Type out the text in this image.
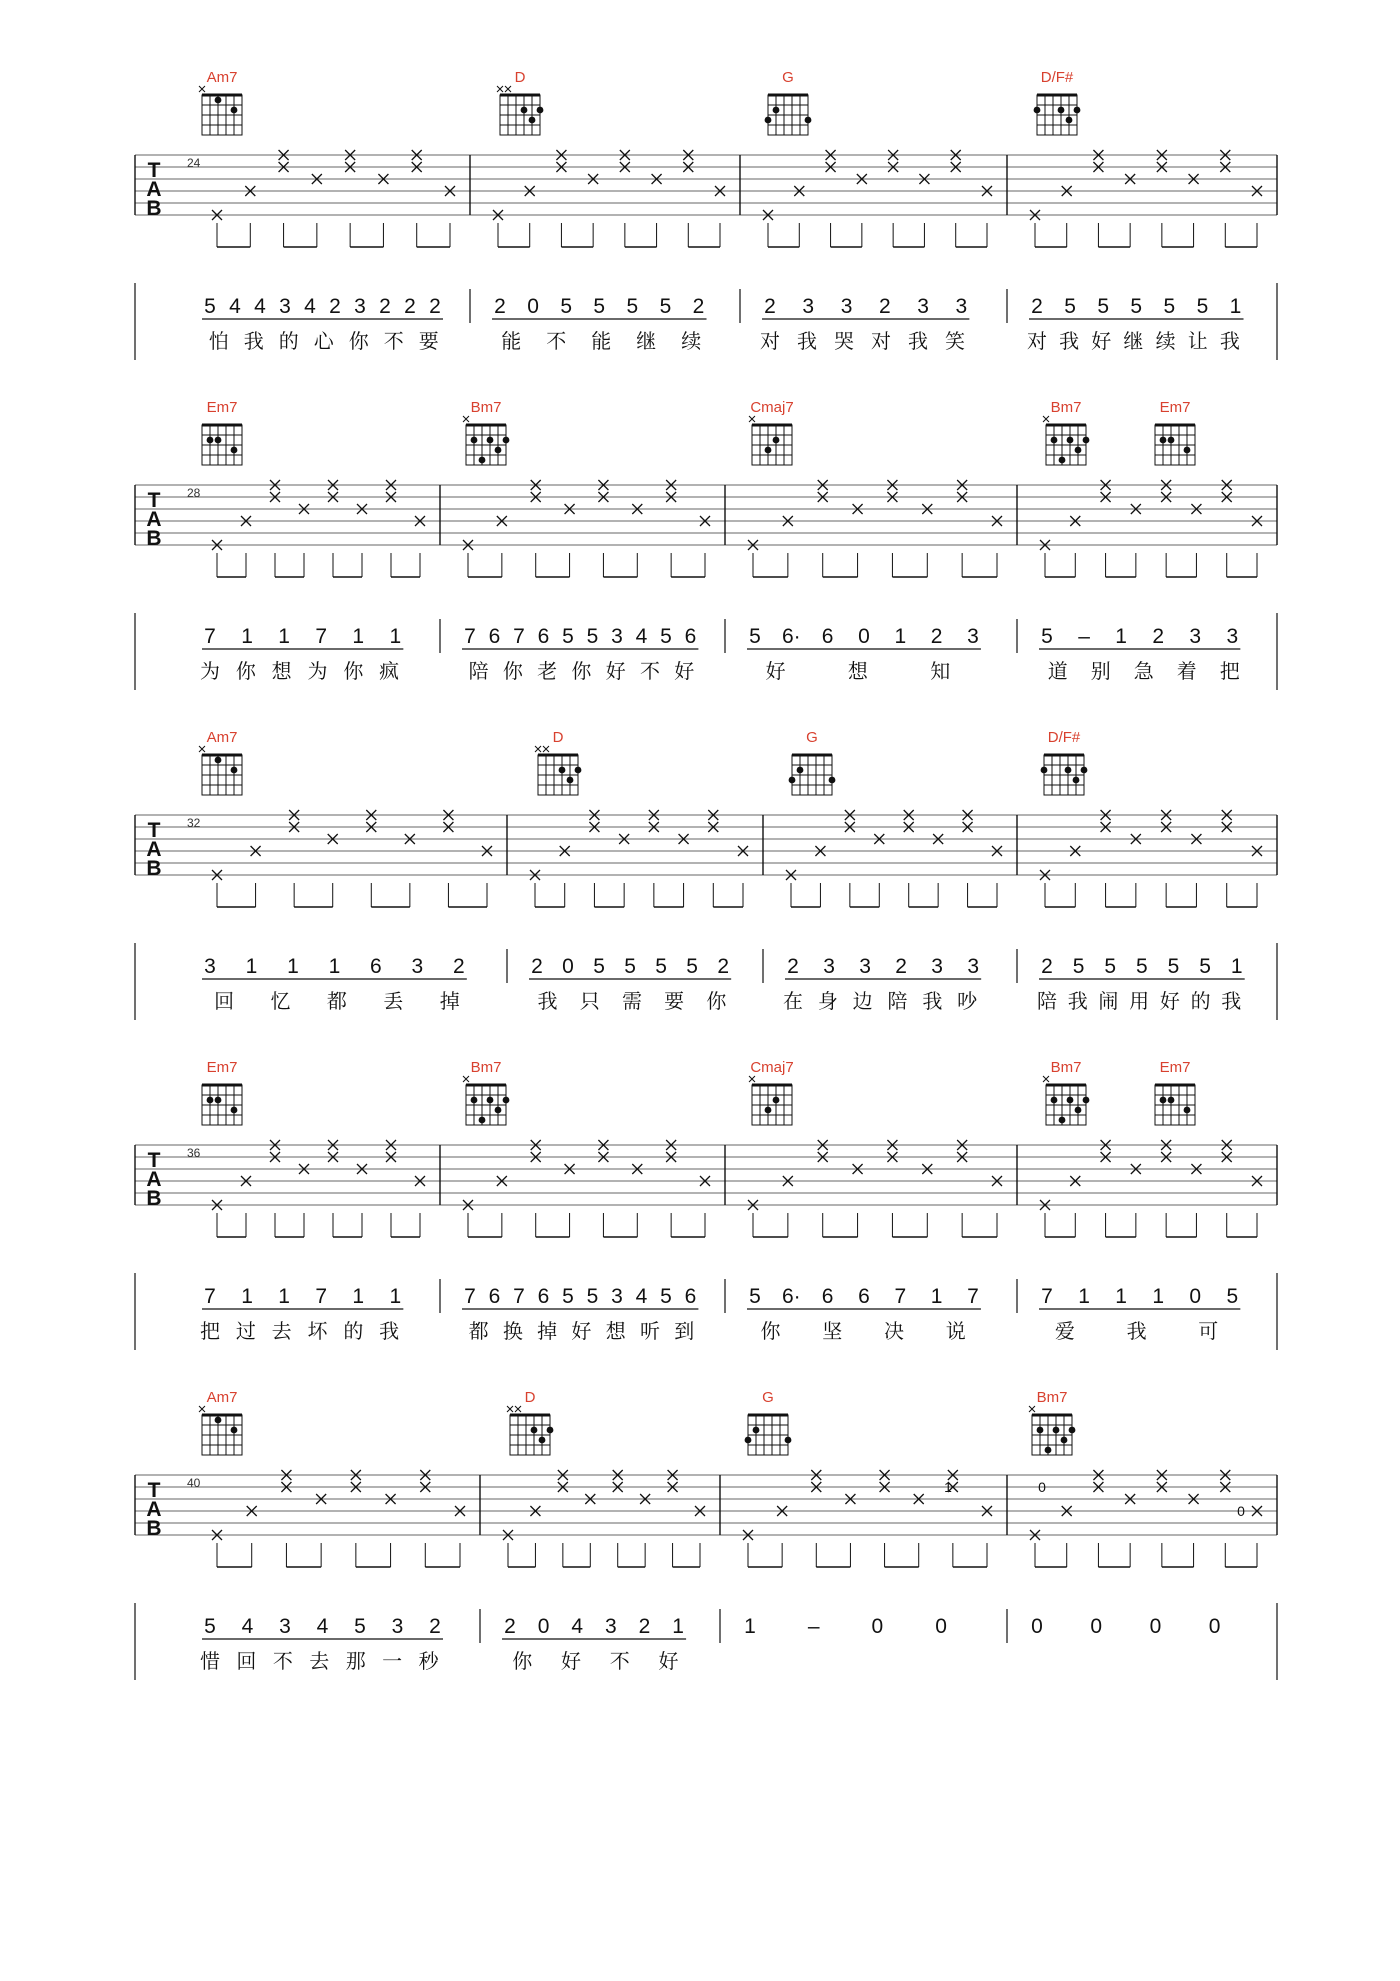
Am7	D	G	D/F#
T
A
B
24
5 4 4 3 4 2 3 2 2 2
怕 我 的 心 你 不 要
2 0 5 5 5 5 2
能 不 能 继 续
2 3 3 2 3 3
对 我 哭 对 我 笑
2 5 5 5 5 5 1
对 我 好 继 续 让 我
Em7	Bm7	Cmaj7	Bm7	Em7
T
A
B
28
7 1 1 7 1 1
为 你 想 为 你 疯
7 6 7 6 5 5 3 4 5 6
陪 你 老 你 好 不 好
5 6· 6 0 1 2 3
好	想	知
5 – 1 2 3 3
道 别 急 着 把
Am7	D	G	D/F#
T
A
B
32
3 1 1 1 6 3 2
回 忆 都 丢 掉
2 0 5 5 5 5 2
我 只 需 要 你
2 3 3 2 3 3
在 身 边 陪 我 吵
2 5 5 5 5 5 1
陪 我 闹 用 好 的 我
Em7	Bm7	Cmaj7	Bm7	Em7
T
A
B
36
7 1 1 7 1 1
把 过 去 坏 的 我
7 6 7 6 5 5 3 4 5 6
都 换 掉 好 想 听 到
5 6· 6 6 7 1 7
你 坚 决 说
7 1 1 1 0 5
爱	我	可
Am7	D	G	Bm7
T
A
B
40	1	0
0
5 4 3 4 5 3 2
惜 回 不 去 那 一 秒
2 0 4 3 2 1
你 好 不 好
1 – 0 0	0 0 0 0
